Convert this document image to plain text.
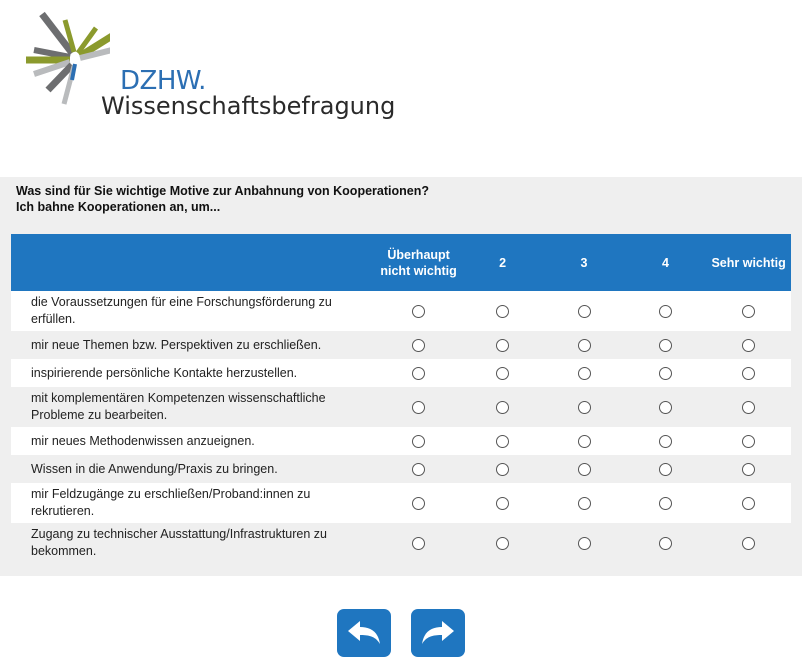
DZHW.
Wissenschaftsbefragung
Was sind für Sie wichtige Motive zur Anbahnung von Kooperationen?
Ich bahne Kooperationen an, um...
	Überhaupt nicht wichtig	2	3	4	Sehr wichtig
die Voraussetzungen für eine Forschungsförderung zu erfüllen.					
mir neue Themen bzw. Perspektiven zu erschließen.					
inspirierende persönliche Kontakte herzustellen.					
mit komplementären Kompetenzen wissenschaftliche Probleme zu bearbeiten.					
mir neues Methodenwissen anzueignen.					
Wissen in die Anwendung/Praxis zu bringen.					
mir Feldzugänge zu erschließen/Proband:innen zu rekrutieren.					
Zugang zu technischer Ausstattung/Infrastrukturen zu bekommen.					
